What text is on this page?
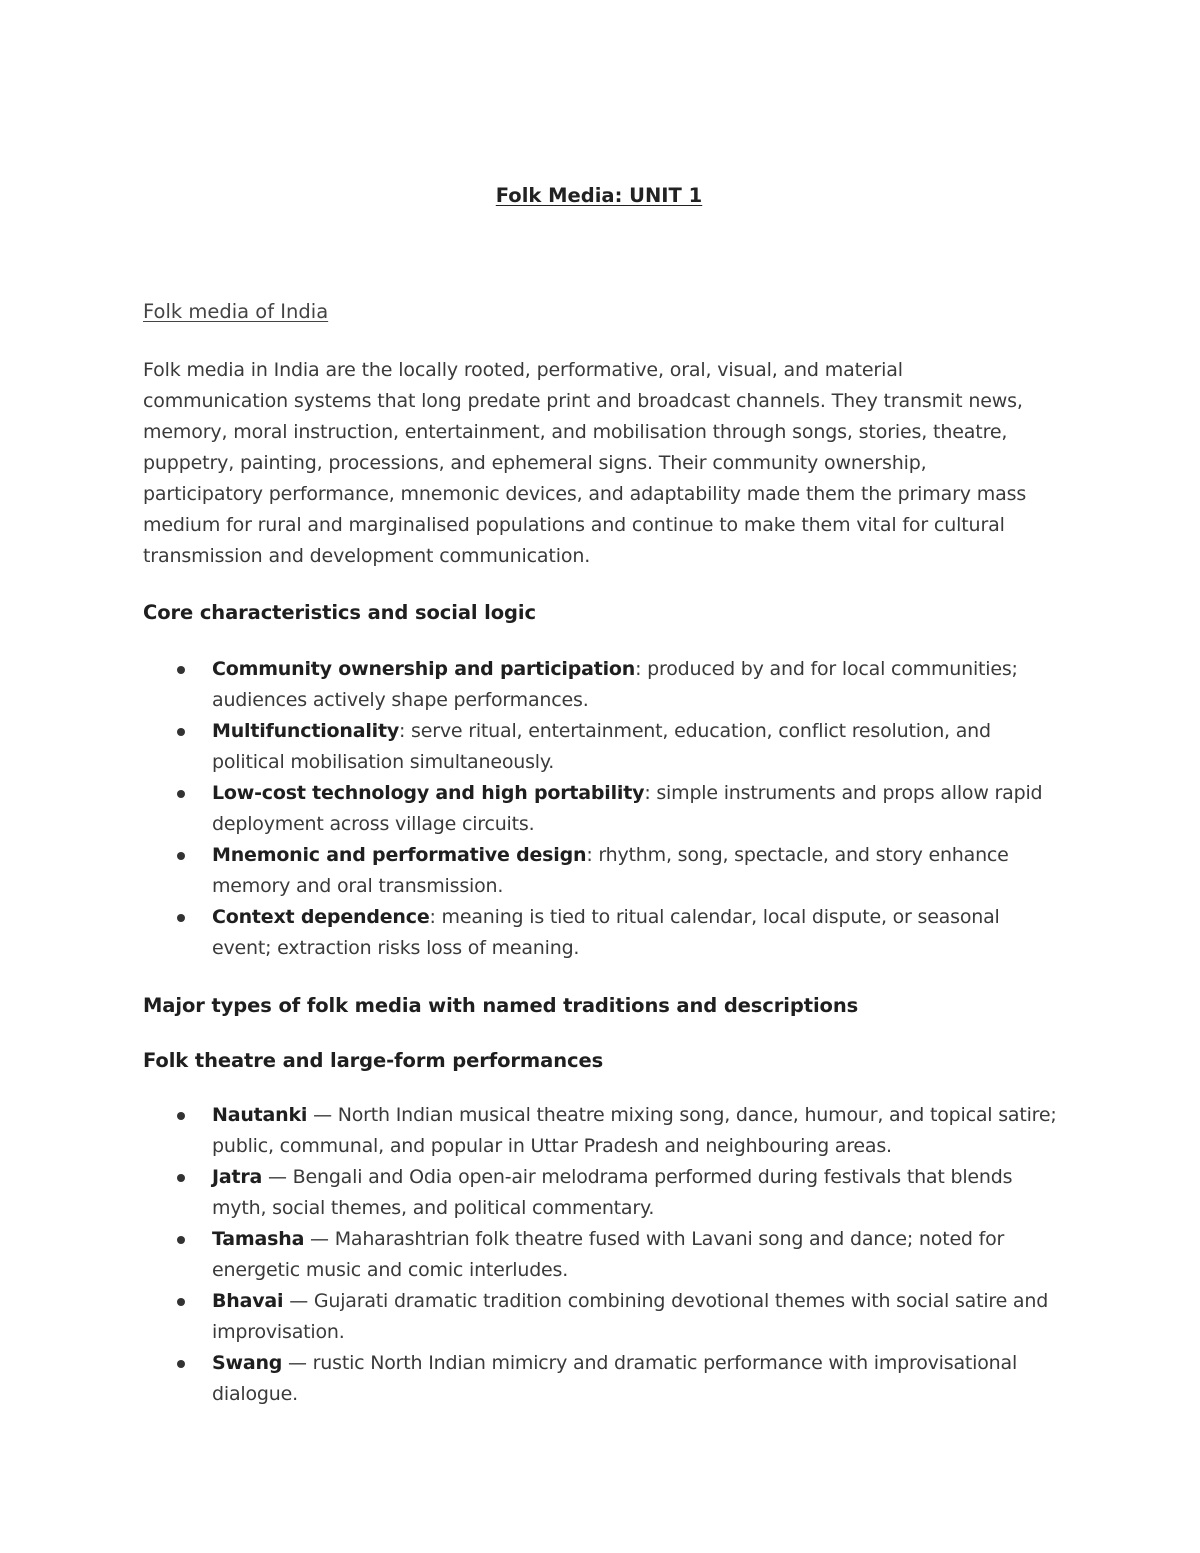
Folk Media: UNIT 1
Folk media of India

Folk media in India are the locally rooted, performative, oral, visual, and material communication systems that long predate print and broadcast channels. They transmit news, memory, moral instruction, entertainment, and mobilisation through songs, stories, theatre, puppetry, painting, processions, and ephemeral signs. Their community ownership, participatory performance, mnemonic devices, and adaptability made them the primary mass medium for rural and marginalised populations and continue to make them vital for cultural transmission and development communication.

Core characteristics and social logic
Community ownership and participation: produced by and for local communities; audiences actively shape performances.
Multifunctionality: serve ritual, entertainment, education, conflict resolution, and political mobilisation simultaneously.
Low-cost technology and high portability: simple instruments and props allow rapid deployment across village circuits.
Mnemonic and performative design: rhythm, song, spectacle, and story enhance memory and oral transmission.
Context dependence: meaning is tied to ritual calendar, local dispute, or seasonal event; extraction risks loss of meaning.
Major types of folk media with named traditions and descriptions
Folk theatre and large-form performances
Nautanki — North Indian musical theatre mixing song, dance, humour, and topical satire; public, communal, and popular in Uttar Pradesh and neighbouring areas.
Jatra — Bengali and Odia open-air melodrama performed during festivals that blends myth, social themes, and political commentary.
Tamasha — Maharashtrian folk theatre fused with Lavani song and dance; noted for energetic music and comic interludes.
Bhavai — Gujarati dramatic tradition combining devotional themes with social satire and improvisation.
Swang — rustic North Indian mimicry and dramatic performance with improvisational dialogue.
